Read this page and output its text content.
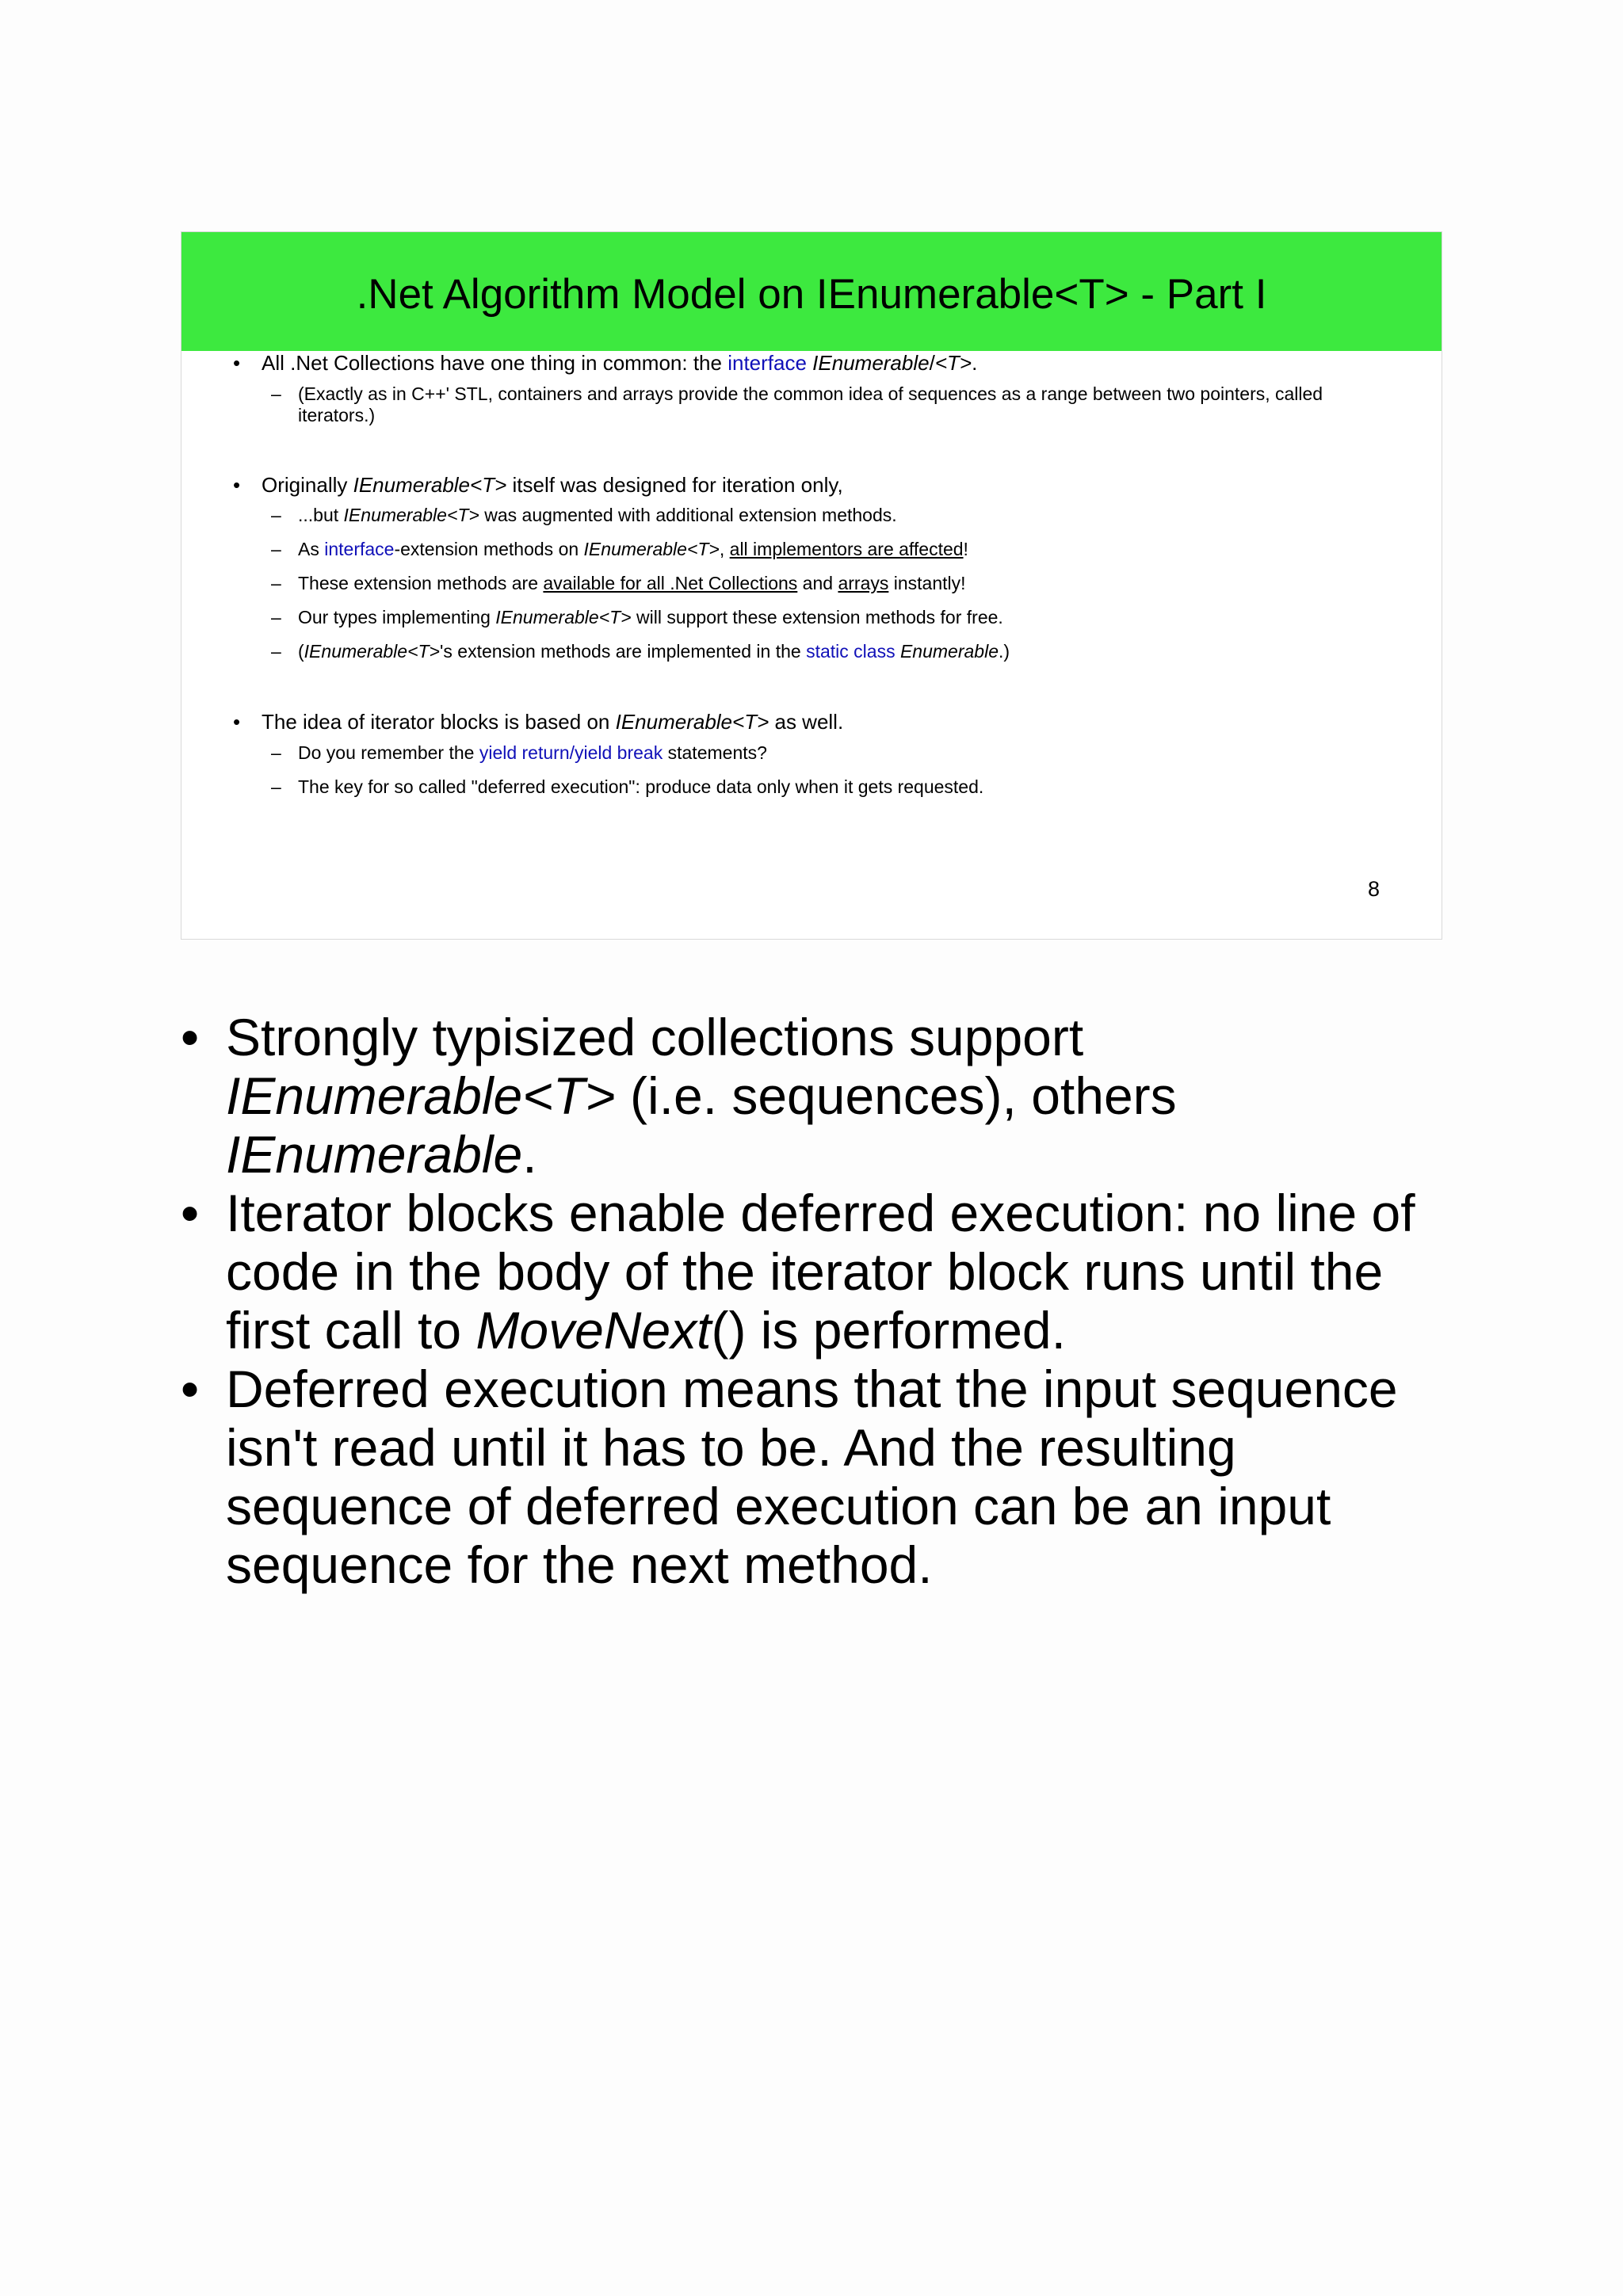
.Net Algorithm Model on IEnumerable<T> - Part I
• All .Net Collections have one thing in common: the interface IEnumerable/<T>.
– (Exactly as in C++' STL, containers and arrays provide the common idea of sequences as a range between two pointers, called
iterators.)
• Originally IEnumerable<T> itself was designed for iteration only,
– ...but IEnumerable<T> was augmented with additional extension methods.
– As interface-extension methods on IEnumerable<T>, all implementors are affected!
– These extension methods are available for all .Net Collections and arrays instantly!
– Our types implementing IEnumerable<T> will support these extension methods for free.
– (IEnumerable<T>'s extension methods are implemented in the static class Enumerable.)
• The idea of iterator blocks is based on IEnumerable<T> as well.
– Do you remember the yield return/yield break statements?
– The key for so called "deferred execution": produce data only when it gets requested.
8
• Strongly typisized collections support IEnumerable<T> (i.e. sequences), others IEnumerable.
• Iterator blocks enable deferred execution: no line of code in the body of the iterator block runs until the first call to MoveNext() is performed.
• Deferred execution means that the input sequence isn't read until it has to be. And the resulting sequence of deferred execution can be an input sequence for the next method.
